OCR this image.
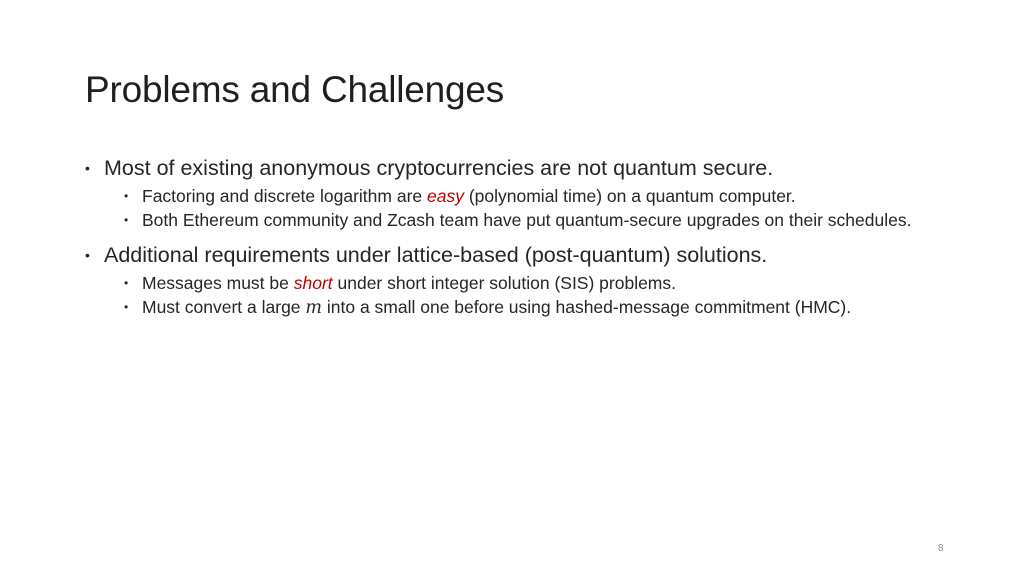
Problems and Challenges
• Most of existing anonymous cryptocurrencies are not quantum secure.
• Factoring and discrete logarithm are easy (polynomial time) on a quantum computer.
• Both Ethereum community and Zcash team have put quantum-secure upgrades on their schedules.
• Additional requirements under lattice-based (post-quantum) solutions.
• Messages must be short under short integer solution (SIS) problems.
• Must convert a large m into a small one before using hashed-message commitment (HMC).
8
